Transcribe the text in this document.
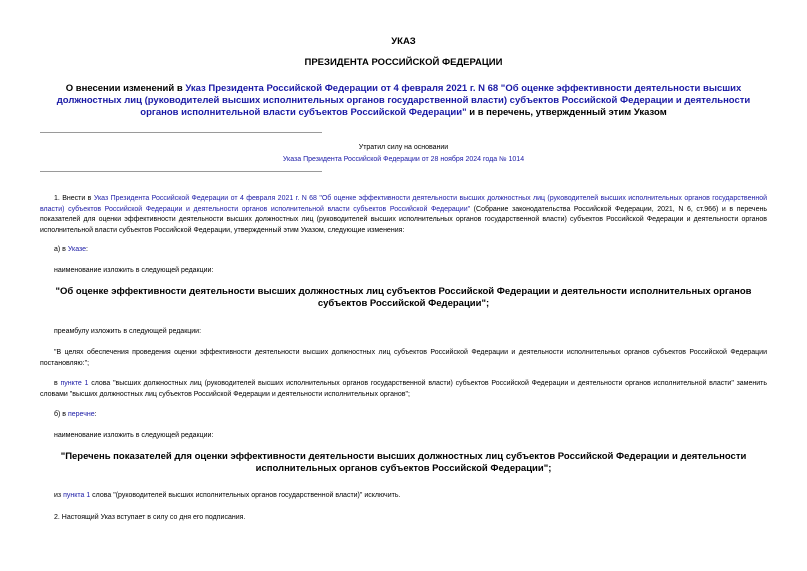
УКАЗ
ПРЕЗИДЕНТА РОССИЙСКОЙ ФЕДЕРАЦИИ
О внесении изменений в Указ Президента Российской Федерации от 4 февраля 2021 г. N 68 "Об оценке эффективности деятельности высших должностных лиц (руководителей высших исполнительных органов государственной власти) субъектов Российской Федерации и деятельности органов исполнительной власти субъектов Российской Федерации" и в перечень, утвержденный этим Указом
Утратил силу на основании
Указа Президента Российской Федерации от 28 ноября 2024 года № 1014
1. Внести в Указ Президента Российской Федерации от 4 февраля 2021 г. N 68 "Об оценке эффективности деятельности высших должностных лиц (руководителей высших исполнительных органов государственной власти) субъектов Российской Федерации и деятельности органов исполнительной власти субъектов Российской Федерации" (Собрание законодательства Российской Федерации, 2021, N 6, ст.966) и в перечень показателей для оценки эффективности деятельности высших должностных лиц (руководителей высших исполнительных органов государственной власти) субъектов Российской Федерации и деятельности органов исполнительной власти субъектов Российской Федерации, утвержденный этим Указом, следующие изменения:
а) в Указе:
наименование изложить в следующей редакции:
"Об оценке эффективности деятельности высших должностных лиц субъектов Российской Федерации и деятельности исполнительных органов субъектов Российской Федерации";
преамбулу изложить в следующей редакции:
"В целях обеспечения проведения оценки эффективности деятельности высших должностных лиц субъектов Российской Федерации и деятельности исполнительных органов субъектов Российской Федерации постановляю:";
в пункте 1 слова "высших должностных лиц (руководителей высших исполнительных органов государственной власти) субъектов Российской Федерации и деятельности органов исполнительной власти" заменить словами "высших должностных лиц субъектов Российской Федерации и деятельности исполнительных органов";
б) в перечне:
наименование изложить в следующей редакции:
"Перечень показателей для оценки эффективности деятельности высших должностных лиц субъектов Российской Федерации и деятельности исполнительных органов субъектов Российской Федерации";
из пункта 1 слова "(руководителей высших исполнительных органов государственной власти)" исключить.
2. Настоящий Указ вступает в силу со дня его подписания.
